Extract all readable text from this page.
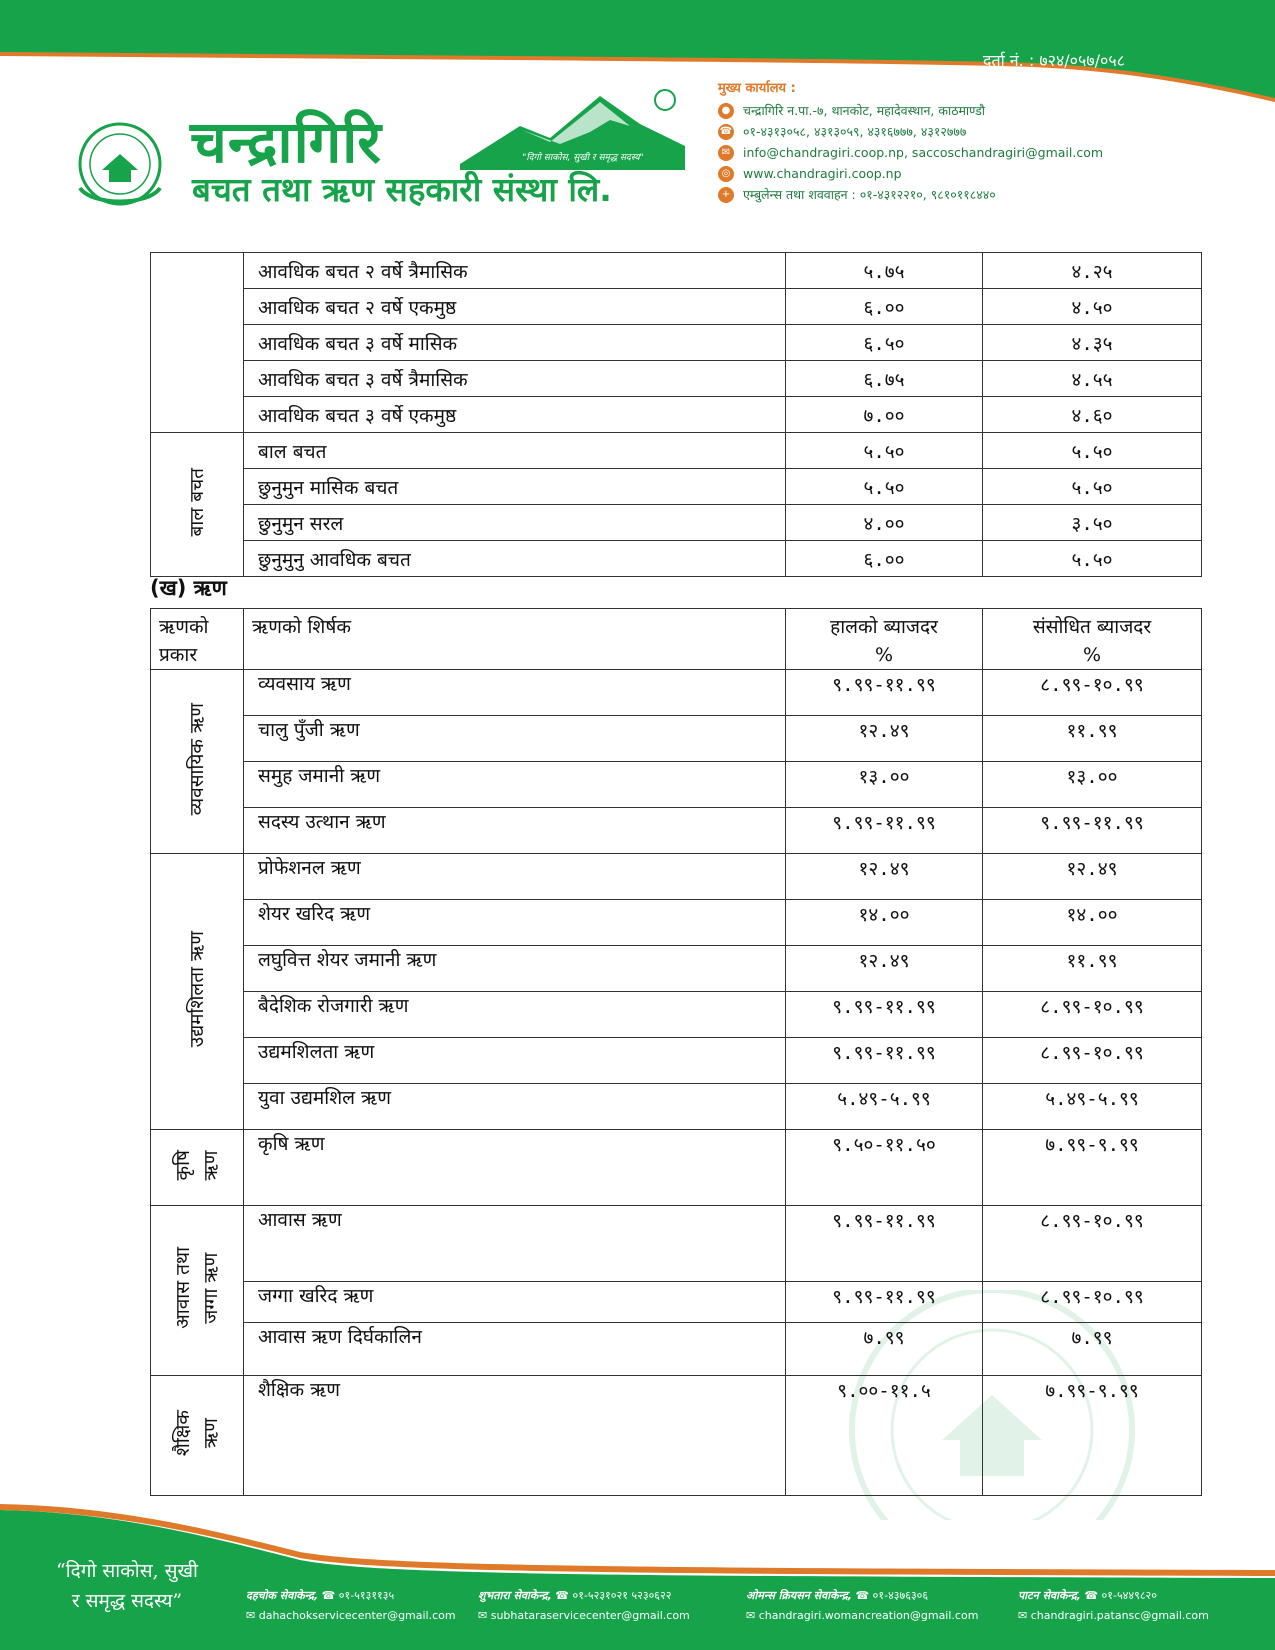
दर्ता नं. : ७२४/०५७/०५८
पान नं. : ३०११५२८०४
चन्द्रागिरि	"दिगो साकोस, सुखी र समृद्ध सदस्य"
बचत तथा ऋण सहकारी संस्था लि.
मुख्य कार्यालय :
● चन्द्रागिरि न.पा.-७, थानकोट, महादेवस्थान, काठमाण्डौ
☎ ०१-४३१३०५८, ४३१३०५९, ४३१६७७७, ४३१२७७७
✉	info@chandragiri.coop.np, saccoschandragiri@gmail.com
◎ www.chandragiri.coop.np
+	एम्बुलेन्स तथा शववाहन : ०१-४३१२२१०, ९८१०११८४४०
	आवधिक बचत २ वर्षे त्रैमासिक	५.७५	४.२५
	आवधिक बचत २ वर्षे एकमुष्ठ	६.००	४.५०
	आवधिक बचत ३ वर्षे मासिक	६.५०	४.३५
	आवधिक बचत ३ वर्षे त्रैमासिक	६.७५	४.५५
	आवधिक बचत ३ वर्षे एकमुष्ठ	७.००	४.६०
बाल बचत	बाल बचत	५.५०	५.५०
	छुनुमुन मासिक बचत	५.५०	५.५०
	छुनुमुन सरल	४.००	३.५०
	छुनुमुनु आवधिक बचत	६.००	५.५०
(ख) ऋण
ऋणको
प्रकार	ऋणको शिर्षक	हालको ब्याजदर
%	संसोधित ब्याजदर
%
व्यवसायिक ऋण	व्यवसाय ऋण	९.९९-११.९९	८.९९-१०.९९
	चालु पुँजी ऋण	१२.४९	११.९९
	समुह जमानी ऋण	१३.००	१३.००
	सदस्य उत्थान ऋण	९.९९-११.९९	९.९९-११.९९
उद्यमशिलता ऋण	प्रोफेशनल ऋण	१२.४९	१२.४९
	शेयर खरिद ऋण	१४.००	१४.००
	लघुवित्त शेयर जमानी ऋण	१२.४९	११.९९
	बैदेशिक रोजगारी ऋण	९.९९-११.९९	८.९९-१०.९९
	उद्यमशिलता ऋण	९.९९-११.९९	८.९९-१०.९९
	युवा उद्यमशिल ऋण	५.४९-५.९९	५.४९-५.९९
कृषि
ऋण	कृषि ऋण	९.५०-११.५०	७.९९-९.९९
आवास तथा
जग्गा ऋण	आवास ऋण	९.९९-११.९९	८.९९-१०.९९
	जग्गा खरिद ऋण	९.९९-११.९९	८.९९-१०.९९
	आवास ऋण दिर्घकालिन	७.९९	७.९९
शैक्षिक
ऋण	शैक्षिक ऋण	९.००-११.५	७.९९-९.९९
“दिगो साकोस, सुखी र समृद्ध सदस्य”	दहचोक सेवाकेन्द्र, ☎ ०१-५१३११३५
✉ dahachokservicecenter@gmail.com
शुभतारा सेवाकेन्द्र, ☎ ०१-५२३१०२१ ५२३०६२२
✉ subhataraservicecenter@gmail.com
ओमन्स क्रियसन सेवाकेन्द्र, ☎ ०१-४३७६३०६
✉ chandragiri.womancreation@gmail.com
पाटन सेवाकेन्द्र, ☎ ०१-५४४९८२०
✉ chandragiri.patansc@gmail.com
